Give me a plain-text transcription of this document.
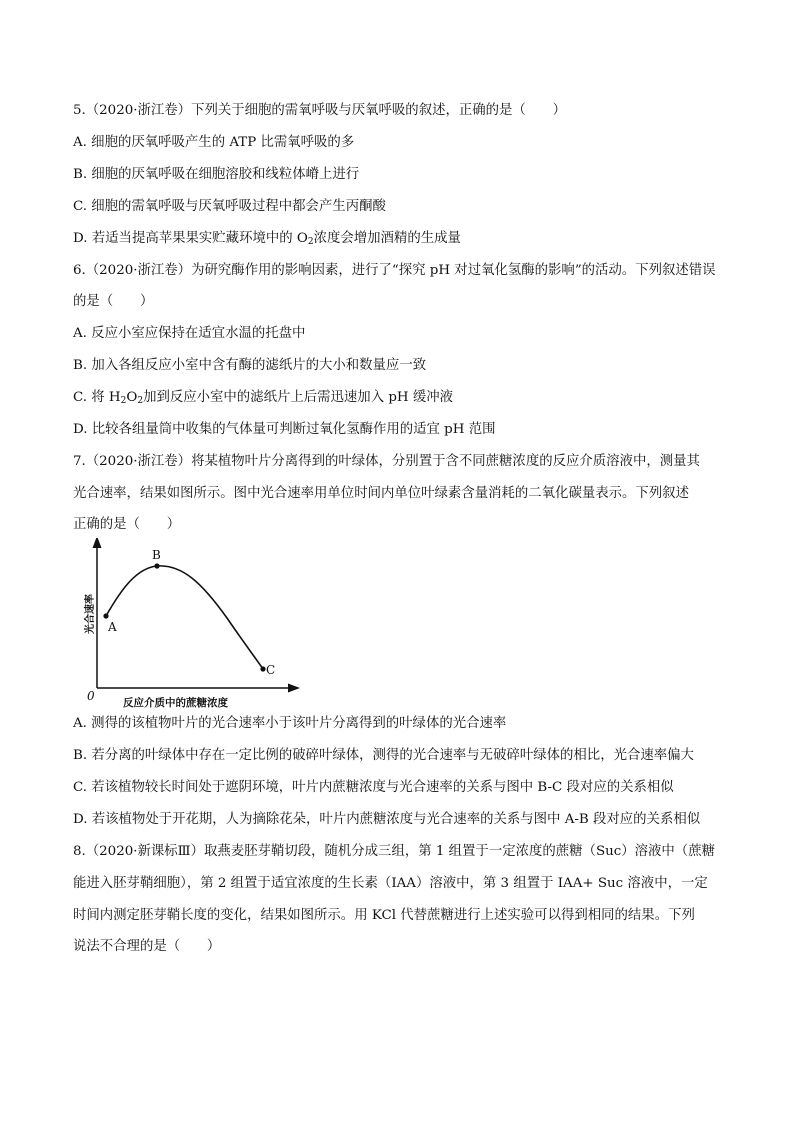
5.（2020·浙江卷）下列关于细胞的需氧呼吸与厌氧呼吸的叙述，正确的是（　　）
A. 细胞的厌氧呼吸产生的 ATP 比需氧呼吸的多
B. 细胞的厌氧呼吸在细胞溶胶和线粒体嵴上进行
C. 细胞的需氧呼吸与厌氧呼吸过程中都会产生丙酮酸
D. 若适当提高苹果果实贮藏环境中的 $O_2$浓度会增加酒精的生成量
6.（2020·浙江卷）为研究酶作用的影响因素，进行了“探究 pH 对过氧化氢酶的影响”的活动。下列叙述错误
的是（　　）
A. 反应小室应保持在适宜水温的托盘中
B. 加入各组反应小室中含有酶的滤纸片的大小和数量应一致
C. 将 $H_2O_2$加到反应小室中的滤纸片上后需迅速加入 pH 缓冲液
D. 比较各组量筒中收集的气体量可判断过氧化氢酶作用的适宜 pH 范围
7.（2020·浙江卷）将某植物叶片分离得到的叶绿体，分别置于含不同蔗糖浓度的反应介质溶液中，测量其
光合速率，结果如图所示。图中光合速率用单位时间内单位叶绿素含量消耗的二氧化碳量表示。下列叙述
正确的是（　　）
A
B
C
0	反应介质中的蔗糖浓度
光合速率
A. 测得的该植物叶片的光合速率小于该叶片分离得到的叶绿体的光合速率
B. 若分离的叶绿体中存在一定比例的破碎叶绿体，测得的光合速率与无破碎叶绿体的相比，光合速率偏大
C. 若该植物较长时间处于遮阴环境，叶片内蔗糖浓度与光合速率的关系与图中 B-C 段对应的关系相似
D. 若该植物处于开花期，人为摘除花朵，叶片内蔗糖浓度与光合速率的关系与图中 A-B 段对应的关系相似
8.（2020·新课标Ⅲ）取燕麦胚芽鞘切段，随机分成三组，第 1 组置于一定浓度的蔗糖（Suc）溶液中（蔗糖
能进入胚芽鞘细胞），第 2 组置于适宜浓度的生长素（IAA）溶液中，第 3 组置于 IAA+ Suc 溶液中，一定
时间内测定胚芽鞘长度的变化，结果如图所示。用 KCl 代替蔗糖进行上述实验可以得到相同的结果。下列
说法不合理的是（　　）
